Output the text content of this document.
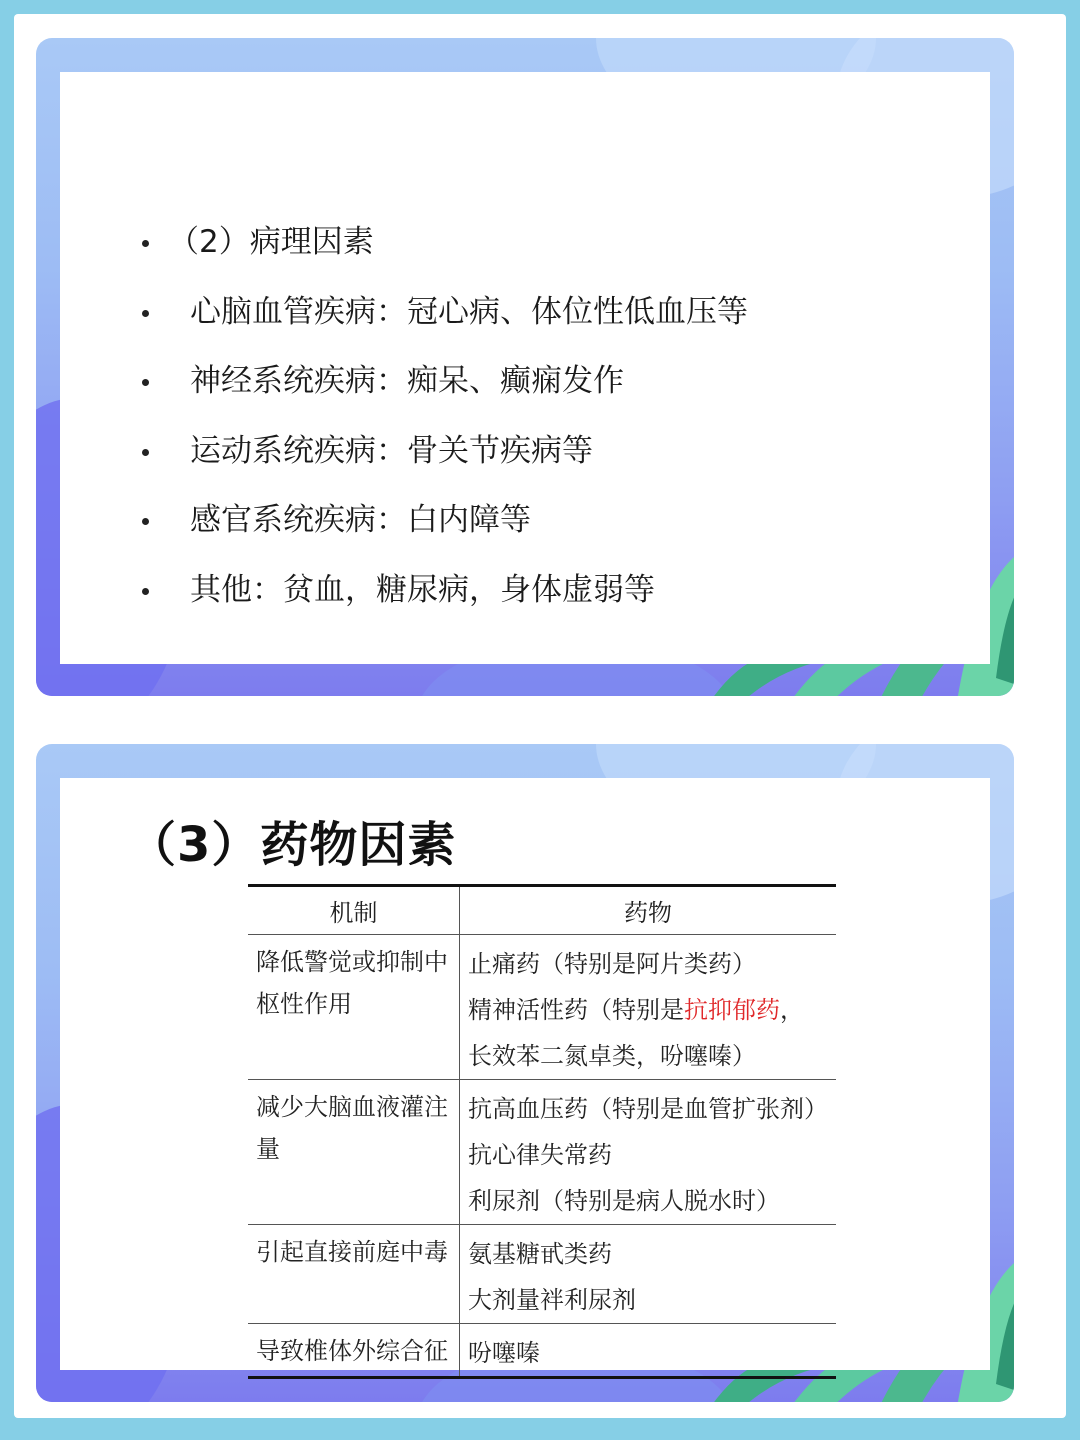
（2）病理因素
心脑血管疾病：冠心病、体位性低血压等
神经系统疾病：痴呆、癫痫发作
运动系统疾病：骨关节疾病等
感官系统疾病：白内障等
其他：贫血，糖尿病，身体虚弱等
（3）药物因素
机制	药物
降低警觉或抑制中枢性作用	止痛药（特别是阿片类药）
精神活性药（特别是抗抑郁药，
长效苯二氮卓类，吩噻嗪）

减少大脑血液灌注量	抗高血压药（特别是血管扩张剂）
抗心律失常药
利尿剂（特别是病人脱水时）

引起直接前庭中毒	氨基糖甙类药
大剂量袢利尿剂

导致椎体外综合征	吩噻嗪
